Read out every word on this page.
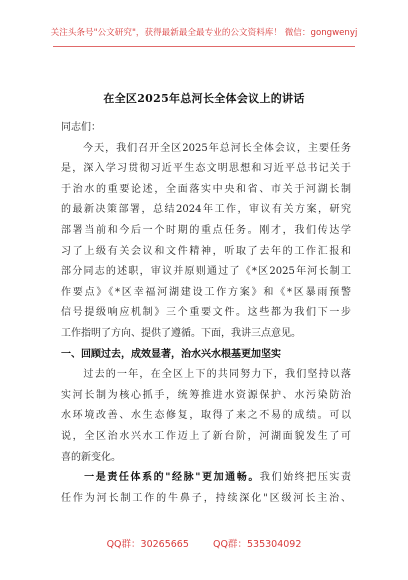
关注头条号"公文研究"，获得最新最全最专业的公文资料库！ 微信：gongwenyj
在全区2025年总河长全体会议上的讲话
同志们：
　　今天，我们召开全区2025年总河长全体会议，主要任务
是，深入学习贯彻习近平生态文明思想和习近平总书记关于
于治水的重要论述，全面落实中央和省、市关于河湖长制
的最新决策部署，总结2024年工作，审议有关方案，研究
部署当前和今后一个时期的重点任务。刚才，我们传达学
习了上级有关会议和文件精神，听取了去年的工作汇报和
部分同志的述职，审议并原则通过了《*区2025年河长制工
作要点》《*区幸福河湖建设工作方案》和《*区暴雨预警
信号提级响应机制》三个重要文件。这些都为我们下一步
工作指明了方向、提供了遵循。下面，我讲三点意见。
一、回顾过去，成效显著，治水兴水根基更加坚实
　　过去的一年，在全区上下的共同努力下，我们坚持以落
实河长制为核心抓手，统筹推进水资源保护、水污染防治
水环境改善、水生态修复，取得了来之不易的成绩。可以
说，全区治水兴水工作迈上了新台阶，河湖面貌发生了可
喜的新变化。
　　一是责任体系的"经脉"更加通畅。我们始终把压实责
任作为河长制工作的牛鼻子，持续深化"区级河长主治、
QQ群：30265665        QQ群：535304092
